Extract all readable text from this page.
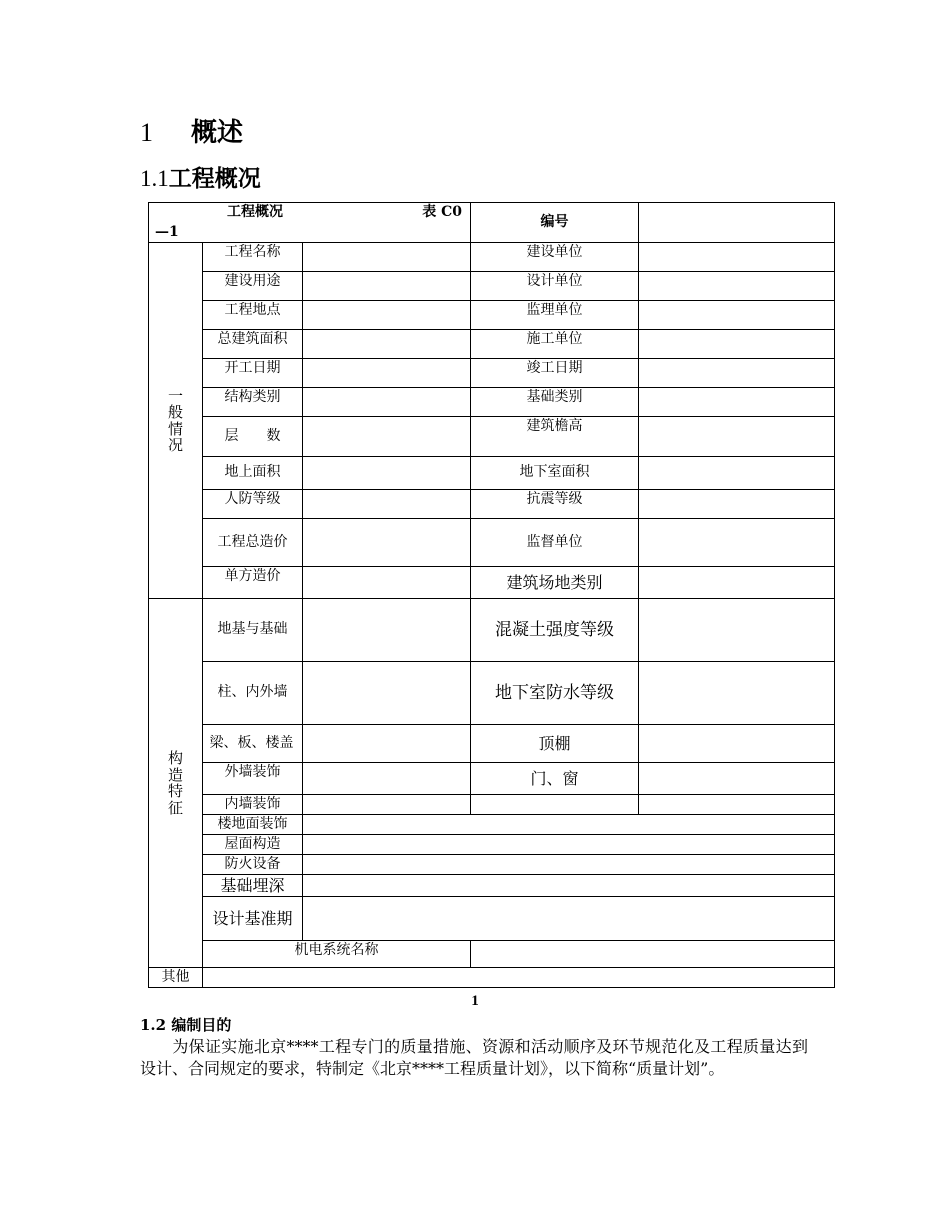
1 概述
1.1工程概况
工程概况 表 C0
—1			编号	

一般情况	工程名称		建设单位	
	建设用途		设计单位	
	工程地点		监理单位	
	总建筑面积		施工单位	
	开工日期		竣工日期	
	结构类别		基础类别	
	层　　数		建筑檐高	
	地上面积		地下室面积	
	人防等级		抗震等级	
	工程总造价		监督单位	
	单方造价		建筑场地类别	

构造特征	地基与基础		混凝土强度等级	

	柱、内外墙		地下室防水等级	

	梁、板、楼盖		顶棚	
	外墙装饰		门、窗	
	内墙装饰			
	楼地面装饰			
	屋面构造			
	防火设备			
	基础埋深			

	设计基准期			

	机电系统名称			
其他				
1
1.2 编制目的
为保证实施北京****工程专门的质量措施、资源和活动顺序及环节规范化及工程质量达到设计、合同规定的要求，特制定《北京****工程质量计划》，以下简称“质量计划”。
